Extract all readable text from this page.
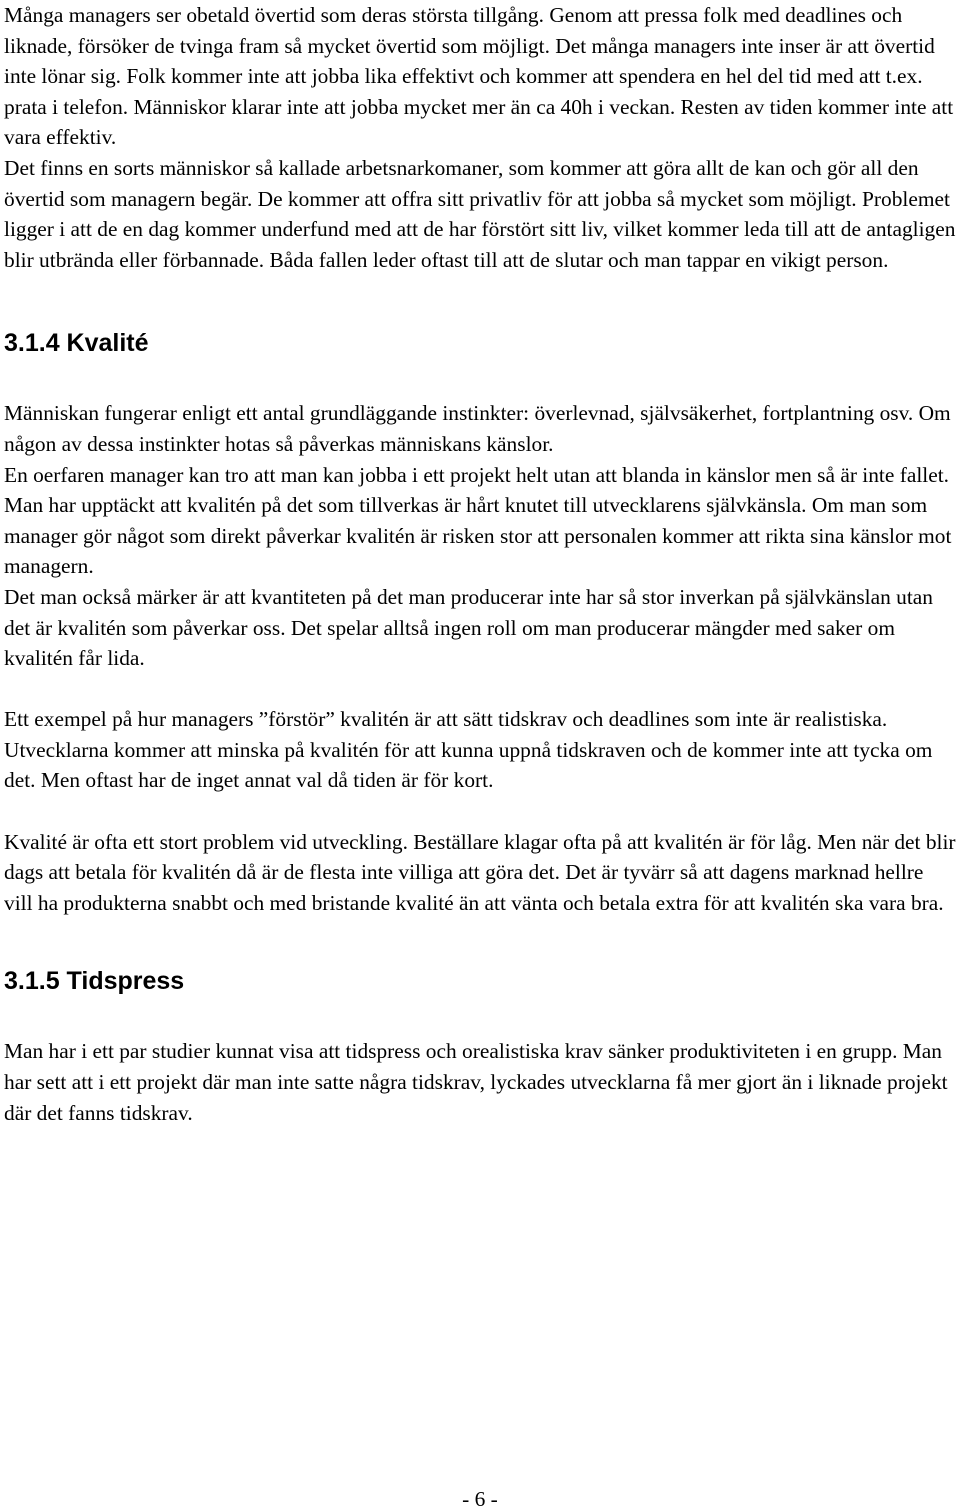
Många managers ser obetald övertid som deras största tillgång. Genom att pressa folk med deadlines och liknade, försöker de tvinga fram så mycket övertid som möjligt. Det många managers inte inser är att övertid inte lönar sig. Folk kommer inte att jobba lika effektivt och kommer att spendera en hel del tid med att t.ex. prata i telefon. Människor klarar inte att jobba mycket mer än ca 40h i veckan. Resten av tiden kommer inte att vara effektiv.

Det finns en sorts människor så kallade arbetsnarkomaner, som kommer att göra allt de kan och gör all den övertid som managern begär. De kommer att offra sitt privatliv för att jobba så mycket som möjligt. Problemet ligger i att de en dag kommer underfund med att de har förstört sitt liv, vilket kommer leda till att de antagligen blir utbrända eller förbannade. Båda fallen leder oftast till att de slutar och man tappar en vikigt person.

3.1.4 Kvalité

Människan fungerar enligt ett antal grundläggande instinkter: överlevnad, självsäkerhet, fortplantning osv. Om någon av dessa instinkter hotas så påverkas människans känslor.

En oerfaren manager kan tro att man kan jobba i ett projekt helt utan att blanda in känslor men så är inte fallet.

Man har upptäckt att kvalitén på det som tillverkas är hårt knutet till utvecklarens självkänsla. Om man som manager gör något som direkt påverkar kvalitén är risken stor att personalen kommer att rikta sina känslor mot managern.

Det man också märker är att kvantiteten på det man producerar inte har så stor inverkan på självkänslan utan det är kvalitén som påverkar oss. Det spelar alltså ingen roll om man producerar mängder med saker om kvalitén får lida.

Ett exempel på hur managers ”förstör” kvalitén är att sätt tidskrav och deadlines som inte är realistiska. Utvecklarna kommer att minska på kvalitén för att kunna uppnå tidskraven och de kommer inte att tycka om det. Men oftast har de inget annat val då tiden är för kort.

Kvalité är ofta ett stort problem vid utveckling. Beställare klagar ofta på att kvalitén är för låg. Men när det blir dags att betala för kvalitén då är de flesta inte villiga att göra det. Det är tyvärr så att dagens marknad hellre vill ha produkterna snabbt och med bristande kvalité än att vänta och betala extra för att kvalitén ska vara bra.

3.1.5 Tidspress

Man har i ett par studier kunnat visa att tidspress och orealistiska krav sänker produktiviteten i en grupp. Man har sett att i ett projekt där man inte satte några tidskrav, lyckades utvecklarna få mer gjort än i liknade projekt där det fanns tidskrav.

- 6 -
